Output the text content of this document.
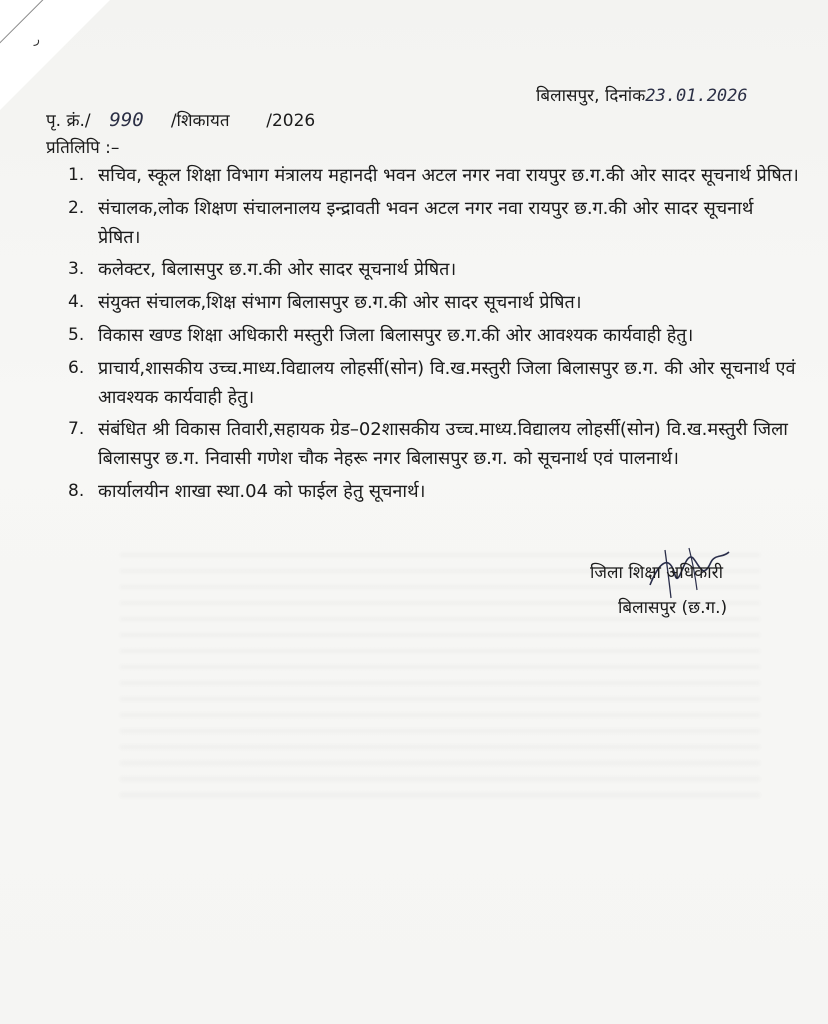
ر
बिलासपुर, दिनांक23.01.2026
पृ. क्रं./ 990 /शिकायत /2026
प्रतिलिपि :–
1. सचिव, स्कूल शिक्षा विभाग मंत्रालय महानदी भवन अटल नगर नवा रायपुर छ.ग.की ओर सादर सूचनार्थ प्रेषित।
2. संचालक,लोक शिक्षण संचालनालय इन्द्रावती भवन अटल नगर नवा रायपुर छ.ग.की ओर सादर सूचनार्थ प्रेषित।
3. कलेक्टर, बिलासपुर छ.ग.की ओर सादर सूचनार्थ प्रेषित।
4. संयुक्त संचालक,शिक्ष संभाग बिलासपुर छ.ग.की ओर सादर सूचनार्थ प्रेषित।
5. विकास खण्ड शिक्षा अधिकारी मस्तुरी जिला बिलासपुर छ.ग.की ओर आवश्यक कार्यवाही हेतु।
6. प्राचार्य,शासकीय उच्च.माध्य.विद्यालय लोहर्सी(सोन) वि.ख.मस्तुरी जिला बिलासपुर छ.ग. की ओर सूचनार्थ एवं आवश्यक कार्यवाही हेतु।
7. संबंधित श्री विकास तिवारी,सहायक ग्रेड–02शासकीय उच्च.माध्य.विद्यालय लोहर्सी(सोन) वि.ख.मस्तुरी जिला बिलासपुर छ.ग. निवासी गणेश चौक नेहरू नगर बिलासपुर छ.ग. को सूचनार्थ एवं पालनार्थ।
8. कार्यालयीन शाखा स्था.04 को फाईल हेतु सूचनार्थ।
जिला शिक्षा अधिकारी
बिलासपुर (छ.ग.)
